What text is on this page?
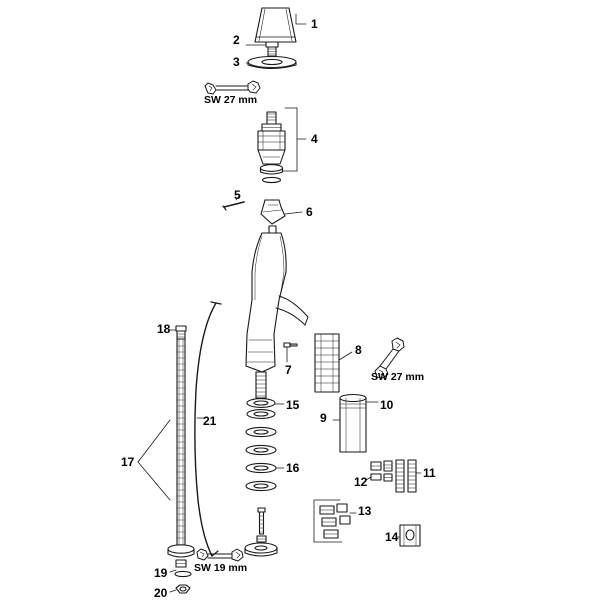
1
2
3
4
5
6
7
8
9
10
11
12
13
14
15
16
17
18
19
20
21
SW 27 mm
SW 27 mm
SW 19 mm
